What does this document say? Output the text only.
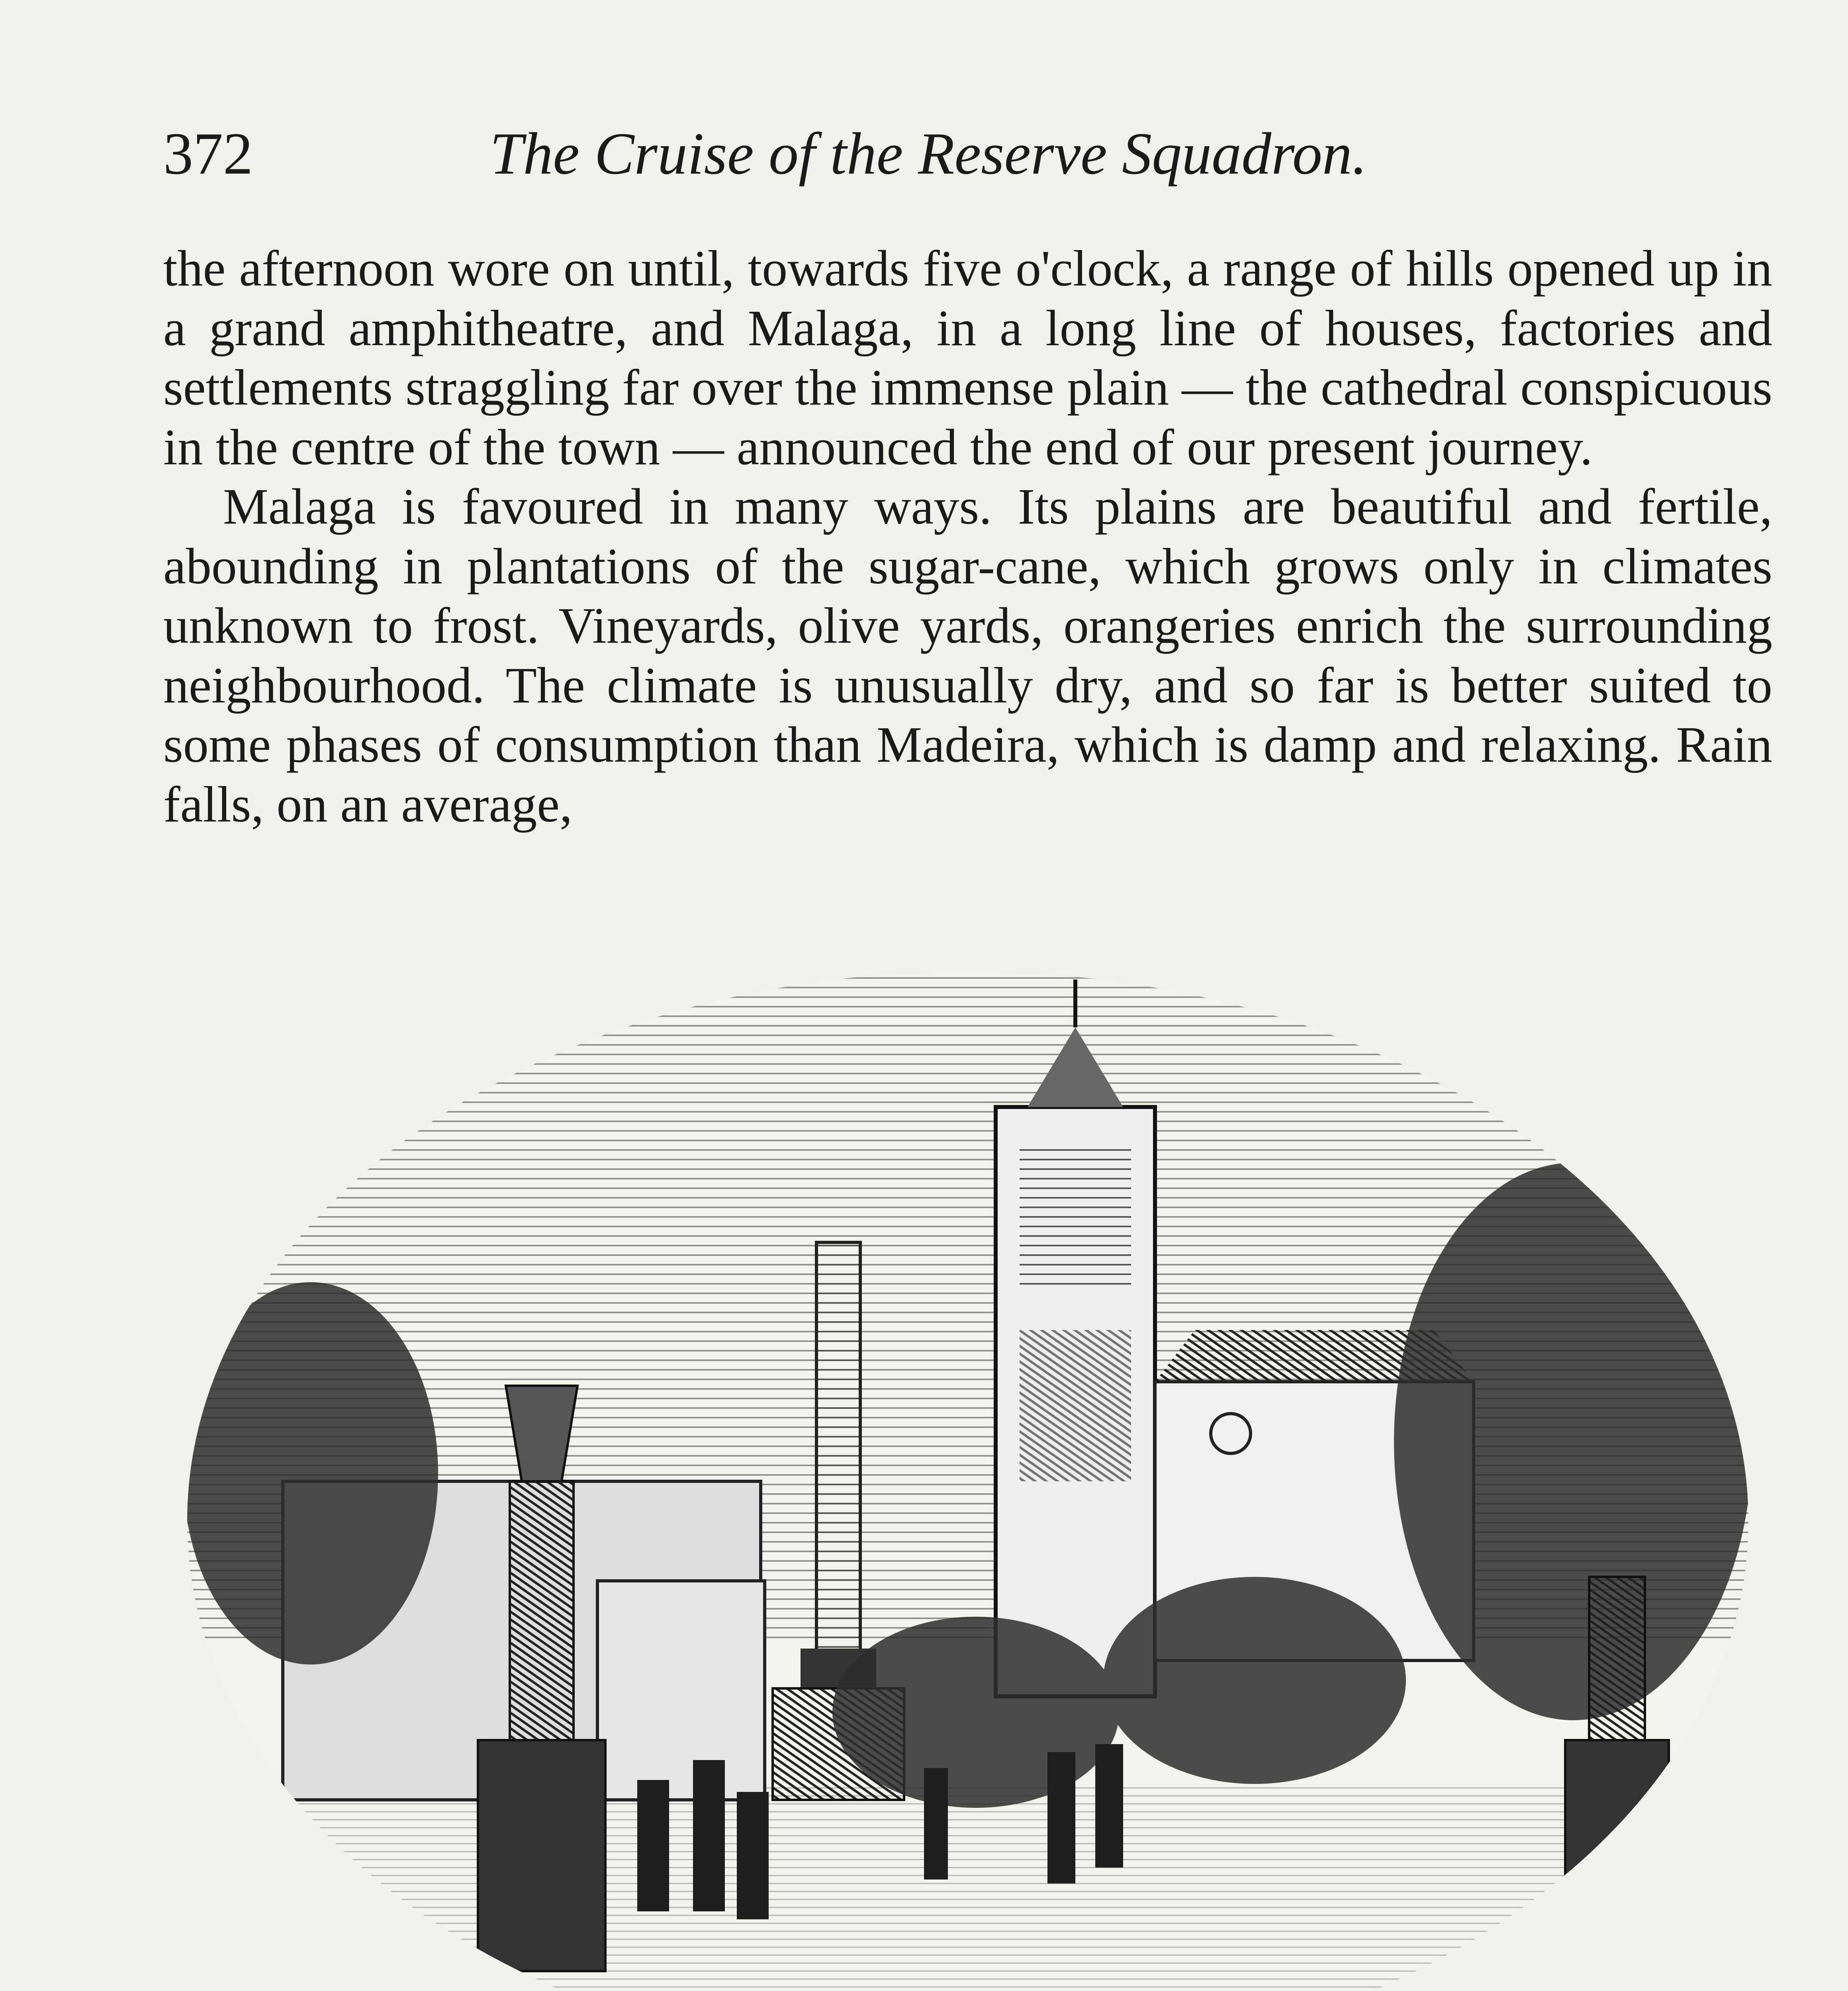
372	The Cruise of the Reserve Squadron.

the afternoon wore on until, towards five o'clock, a range of hills opened up in a grand amphitheatre, and Malaga, in a long line of houses, factories and settlements straggling far over the immense plain — the cathedral conspicuous in the centre of the town — announced the end of our present journey.

Malaga is favoured in many ways. Its plains are beautiful and fertile, abounding in plantations of the sugar-cane, which grows only in climates unknown to frost. Vineyards, olive yards, orangeries enrich the surrounding neighbourhood. The climate is unusually dry, and so far is better suited to some phases of consumption than Madeira, which is damp and relaxing. Rain falls, on an average,
